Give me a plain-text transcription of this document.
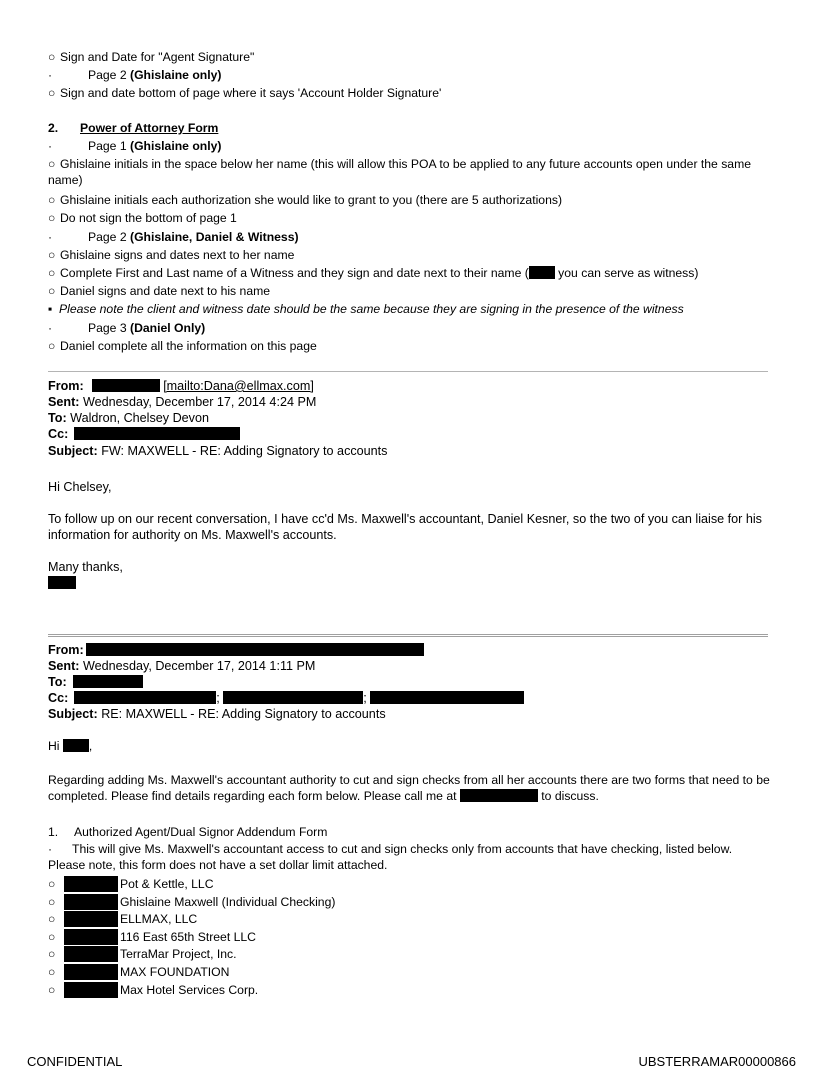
○ Sign and Date for "Agent Signature"
·	Page 2 (Ghislaine only)
○ Sign and date bottom of page where it says 'Account Holder Signature'
2. Power of Attorney Form
·	Page 1 (Ghislaine only)
○ Ghislaine initials in the space below her name (this will allow this POA to be applied to any future accounts open under the same name)
○ Ghislaine initials each authorization she would like to grant to you (there are 5 authorizations)
○ Do not sign the bottom of page 1
·	Page 2 (Ghislaine, Daniel & Witness)
○ Ghislaine signs and dates next to her name
○ Complete First and Last name of a Witness and they sign and date next to their name ( you can serve as witness)
○ Daniel signs and date next to his name
▪ Please note the client and witness date should be the same because they are signing in the presence of the witness
·	Page 3 (Daniel Only)
○ Daniel complete all the information on this page
From:	[mailto:Dana@ellmax.com]
Sent: Wednesday, December 17, 2014 4:24 PM
To: Waldron, Chelsey Devon
Cc:
Subject: FW: MAXWELL - RE: Adding Signatory to accounts
Hi Chelsey,
To follow up on our recent conversation, I have cc'd Ms. Maxwell's accountant, Daniel Kesner, so the two of you can liaise for his information for authority on Ms. Maxwell's accounts.
Many thanks,
From:
Sent: Wednesday, December 17, 2014 1:11 PM
To:
Cc:	;	;
Subject: RE: MAXWELL - RE: Adding Signatory to accounts
Hi ,
Regarding adding Ms. Maxwell's accountant authority to cut and sign checks from all her accounts there are two forms that need to be completed. Please find details regarding each form below. Please call me at	to discuss.
1. Authorized Agent/Dual Signor Addendum Form
· This will give Ms. Maxwell's accountant access to cut and sign checks only from accounts that have checking, listed below. Please note, this form does not have a set dollar limit attached.
○	Pot & Kettle, LLC
○	Ghislaine Maxwell (Individual Checking)
○	ELLMAX, LLC
○	116 East 65th Street LLC
○	TerraMar Project, Inc.
○	MAX FOUNDATION
○	Max Hotel Services Corp.
CONFIDENTIAL	UBSTERRAMAR00000866
